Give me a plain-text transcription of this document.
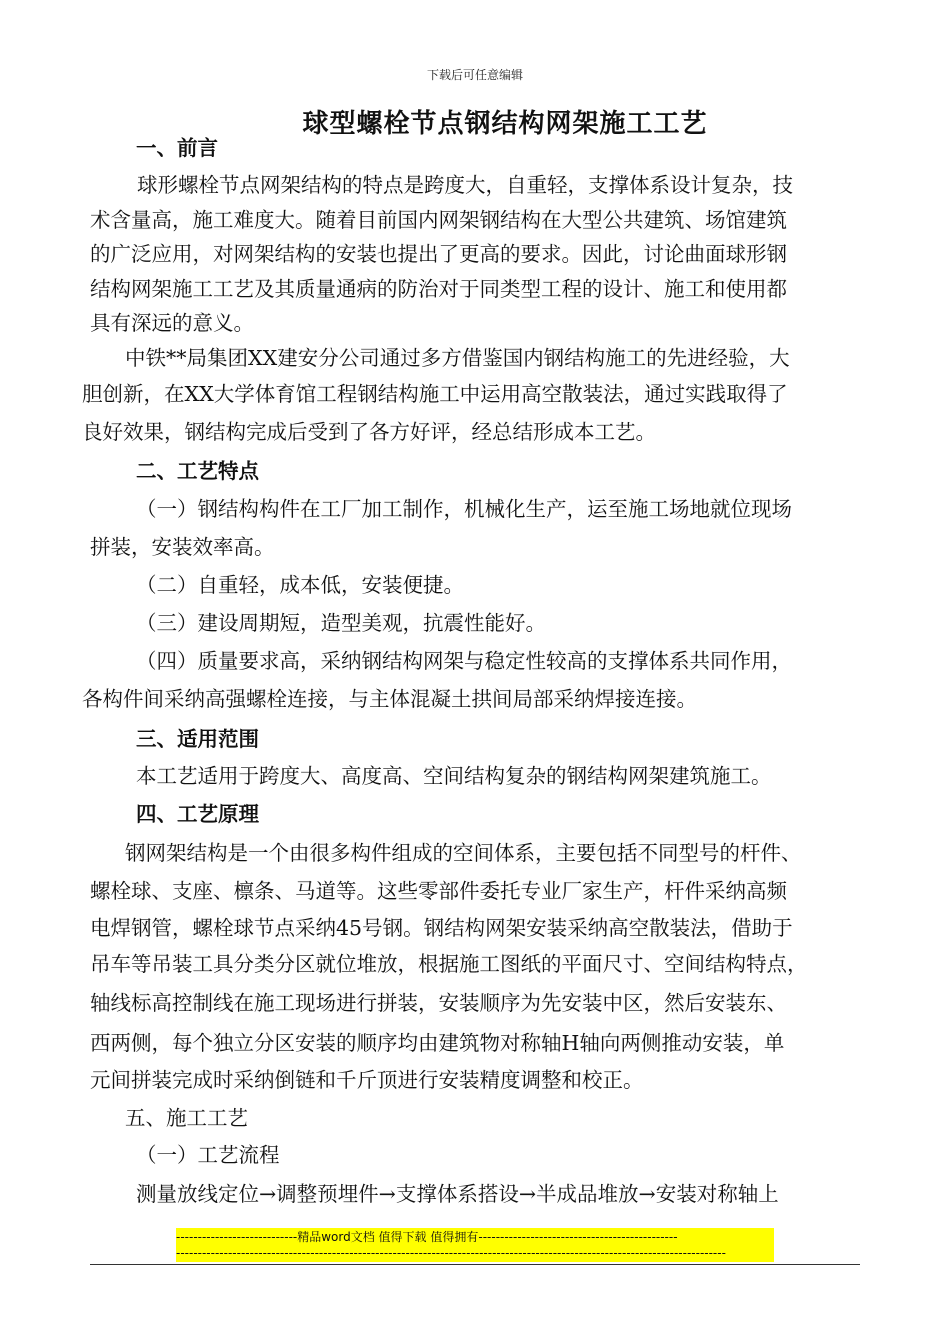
下载后可任意编辑
球型螺栓节点钢结构网架施工工艺
一、前言
球形螺栓节点网架结构的特点是跨度大，自重轻，支撑体系设计复杂，技
术含量高，施工难度大。随着目前国内网架钢结构在大型公共建筑、场馆建筑
的广泛应用，对网架结构的安装也提出了更高的要求。因此，讨论曲面球形钢
结构网架施工工艺及其质量通病的防治对于同类型工程的设计、施工和使用都
具有深远的意义。
中铁**局集团XX建安分公司通过多方借鉴国内钢结构施工的先进经验，大
胆创新，在XX大学体育馆工程钢结构施工中运用高空散装法，通过实践取得了
良好效果，钢结构完成后受到了各方好评，经总结形成本工艺。
二、工艺特点
（一）钢结构构件在工厂加工制作，机械化生产，运至施工场地就位现场
拼装，安装效率高。
（二）自重轻，成本低，安装便捷。
（三）建设周期短，造型美观，抗震性能好。
（四）质量要求高，采纳钢结构网架与稳定性较高的支撑体系共同作用，
各构件间采纳高强螺栓连接，与主体混凝土拱间局部采纳焊接连接。
三、适用范围
本工艺适用于跨度大、高度高、空间结构复杂的钢结构网架建筑施工。
四、工艺原理
钢网架结构是一个由很多构件组成的空间体系，主要包括不同型号的杆件、
螺栓球、支座、檩条、马道等。这些零部件委托专业厂家生产，杆件采纳高频
电焊钢管，螺栓球节点采纳45号钢。钢结构网架安装采纳高空散装法，借助于
吊车等吊装工具分类分区就位堆放，根据施工图纸的平面尺寸、空间结构特点，
轴线标高控制线在施工现场进行拼装，安装顺序为先安装中区，然后安装东、
西两侧，每个独立分区安装的顺序均由建筑物对称轴H轴向两侧推动安装，单
元间拼装完成时采纳倒链和千斤顶进行安装精度调整和校正。
五、施工工艺
（一）工艺流程
测量放线定位→调整预埋件→支撑体系搭设→半成品堆放→安装对称轴上
----------------------------精品word文档 值得下载 值得拥有----------------------------------------------
-------------------------------------------------------------------------------------------------------------------------------
